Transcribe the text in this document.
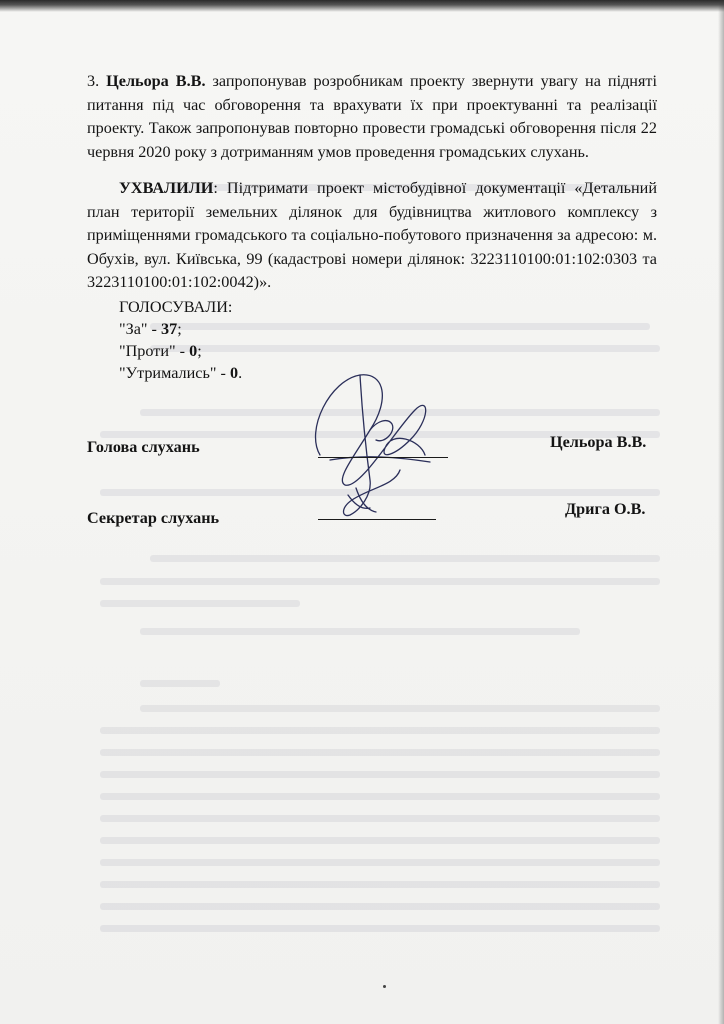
3. Цельора В.В. запропонував розробникам проекту звернути увагу на підняті питання під час обговорення та врахувати їх при проектуванні та реалізації проекту. Також запропонував повторно провести громадські обговорення після 22 червня 2020 року з дотриманням умов проведення громадських слухань.

УХВАЛИЛИ: Підтримати проект містобудівної документації «Детальний план території земельних ділянок для будівництва житлового комплексу з приміщеннями громадського та соціально-побутового призначення за адресою: м. Обухів, вул. Київська, 99 (кадастрові номери ділянок: 3223110100:01:102:0303 та 3223110100:01:102:0042)».

ГОЛОСУВАЛИ:
"За" - 37;
"Проти" - 0;
"Утримались" - 0.
Голова слухань	Цельора В.В.
Секретар слухань	Дрига О.В.
